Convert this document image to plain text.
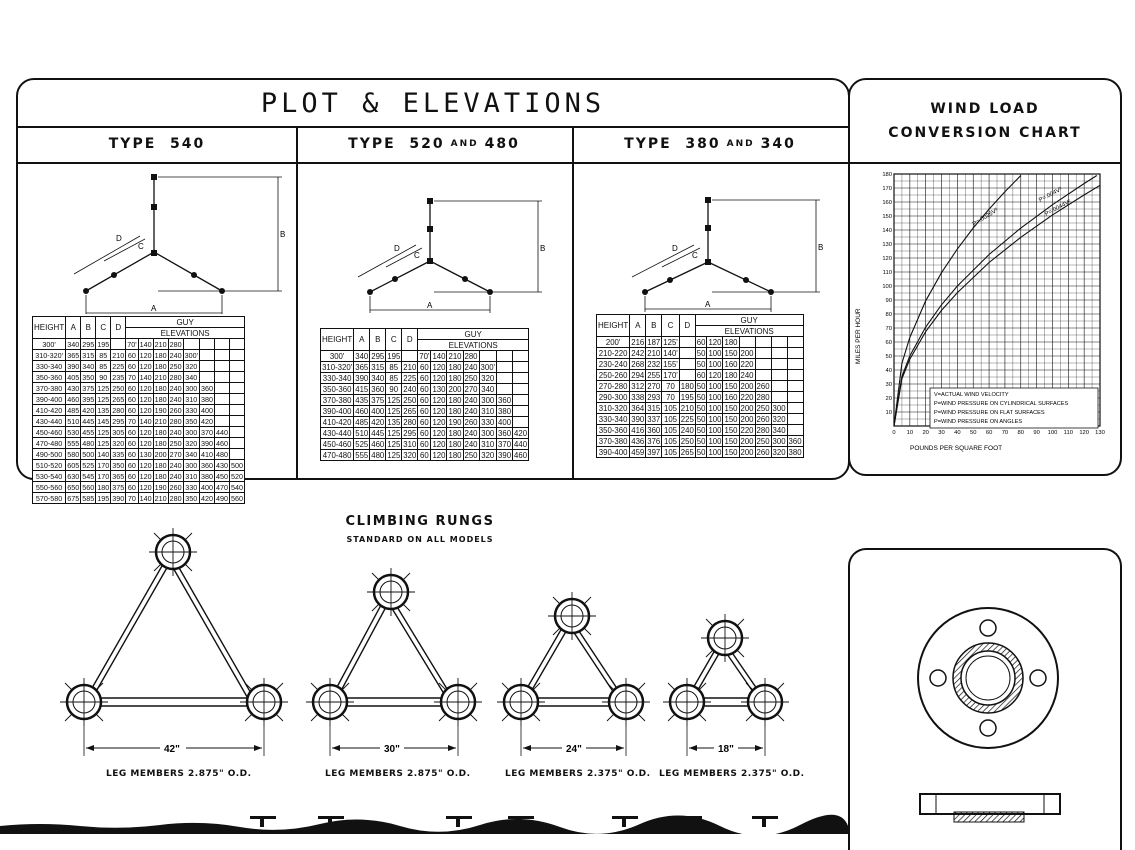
PLOT & ELEVATIONS
TYPE
540	TYPE
520 AND 480	TYPE
380 AND 340
B
A
D
C	B
A
D
C
B
A
D
C
HEIGHT	A	B	C	D	GUY							
					ELEVATIONS							
300'	340	295	195		70'	140	210	280				
310-320'	365	315	85	210	60	120	180	240	300'			
330-340	390	340	85	225	60	120	180	250	320			
350-360	405	350	90	235	70	140	210	280	340			
370-380	430	375	125	250	60	120	180	240	300	360		
390-400	460	395	125	265	60	120	180	240	310	380		
410-420	485	420	135	280	60	120	190	260	330	400		
430-440	510	445	145	295	70	140	210	280	350	420		
450-460	530	455	125	305	60	120	180	240	300	370	440	
470-480	555	480	125	320	60	120	180	250	320	390	460	
490-500	580	500	140	335	60	130	200	270	340	410	480	
510-520	605	525	170	350	60	120	180	240	300	360	430	500
530-540	630	545	170	365	60	120	180	240	310	380	450	520
550-560	650	560	180	375	60	120	190	260	330	400	470	540
570-580	675	585	195	390	70	140	210	280	350	420	490	560
HEIGHT	A	B	C	D	GUY						
					ELEVATIONS						
300'	340	295	195		70'	140	210	280			
310-320'	365	315	85	210	60	120	180	240	300'		
330-340	390	340	85	225	60	120	180	250	320		
350-360	415	360	90	240	60	130	200	270	340		
370-380	435	375	125	250	60	120	180	240	300	360	
390-400	460	400	125	265	60	120	180	240	310	380	
410-420	485	420	135	280	60	120	190	260	330	400	
430-440	510	445	125	295	60	120	180	240	300	360	420
450-460	525	460	125	310	60	120	180	240	310	370	440
470-480	555	480	125	320	60	120	180	250	320	390	460
HEIGHT	A	B	C	D	GUY						
					ELEVATIONS						
200'	216	187	125'		60	120	180				
210-220	242	210	140'		50	100	150	200			
230-240	268	232	155'		50	100	160	220			
250-260	294	255	170'		60	120	180	240			
270-280	312	270	70	180	50	100	150	200	260		
290-300	338	293	70	195	50	100	160	220	280		
310-320	364	315	105	210	50	100	150	200	250	300	
330-340	390	337	105	225	50	100	150	200	260	320	
350-360	416	360	105	240	50	100	150	220	280	340	
370-380	436	376	105	250	50	100	150	200	250	300	360
390-400	459	397	105	265	50	100	150	200	260	320	380
WIND LOAD
CONVERSION CHART
0 10 20 30 40 50 60 70 80 90 100 110 120 130
10
20
30
40
50
60
70
80
90
100
110
120
130
140
150
160
170
180
MILES PER HOUR
POUNDS PER SQUARE FOOT
V=ACTUAL WIND VELOCITY
P=WIND PRESSURE ON CYLINDRICAL SURFACES
P=WIND PRESSURE ON FLAT SURFACES
P=WIND PRESSURE ON ANGLES
P=.0025V²
P=.004V²
P=.0044V²
CLIMBING RUNGS
STANDARD ON ALL MODELS
42"	30"	24"	18"
LEG MEMBERS 2.875" O.D.	LEG MEMBERS 2.875" O.D.	LEG MEMBERS 2.375" O.D. LEG MEMBERS 2.375" O.D.
